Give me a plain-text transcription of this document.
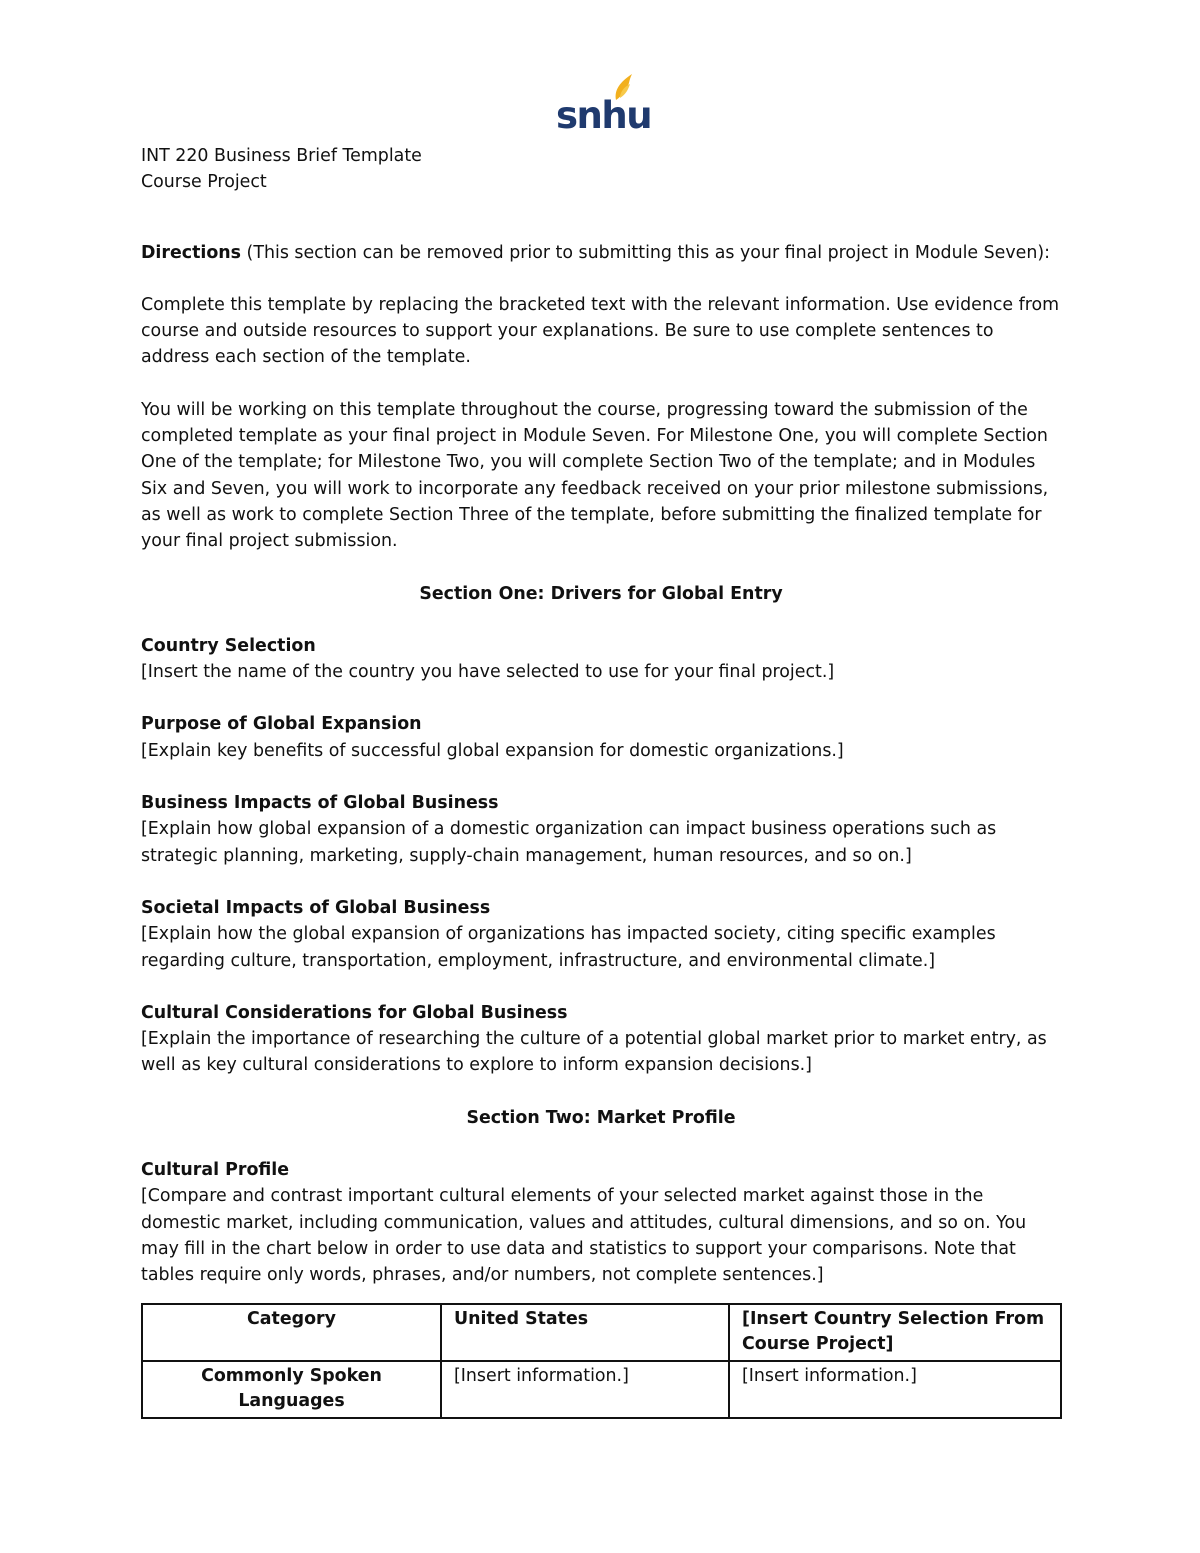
snhu

INT 220 Business Brief Template

Course Project

Directions (This section can be removed prior to submitting this as your final project in Module Seven):

Complete this template by replacing the bracketed text with the relevant information. Use evidence from course and outside resources to support your explanations. Be sure to use complete sentences to address each section of the template.

You will be working on this template throughout the course, progressing toward the submission of the completed template as your final project in Module Seven. For Milestone One, you will complete Section One of the template; for Milestone Two, you will complete Section Two of the template; and in Modules Six and Seven, you will work to incorporate any feedback received on your prior milestone submissions, as well as work to complete Section Three of the template, before submitting the finalized template for your final project submission.

Section One: Drivers for Global Entry

Country Selection

[Insert the name of the country you have selected to use for your final project.]

Purpose of Global Expansion

[Explain key benefits of successful global expansion for domestic organizations.]

Business Impacts of Global Business

[Explain how global expansion of a domestic organization can impact business operations such as strategic planning, marketing, supply-chain management, human resources, and so on.]

Societal Impacts of Global Business

[Explain how the global expansion of organizations has impacted society, citing specific examples regarding culture, transportation, employment, infrastructure, and environmental climate.]

Cultural Considerations for Global Business

[Explain the importance of researching the culture of a potential global market prior to market entry, as well as key cultural considerations to explore to inform expansion decisions.]

Section Two: Market Profile

Cultural Profile

[Compare and contrast important cultural elements of your selected market against those in the domestic market, including communication, values and attitudes, cultural dimensions, and so on. You may fill in the chart below in order to use data and statistics to support your comparisons. Note that tables require only words, phrases, and/or numbers, not complete sentences.]

Category	United States	[Insert Country Selection From Course Project]
Commonly Spoken Languages	[Insert information.]	[Insert information.]
